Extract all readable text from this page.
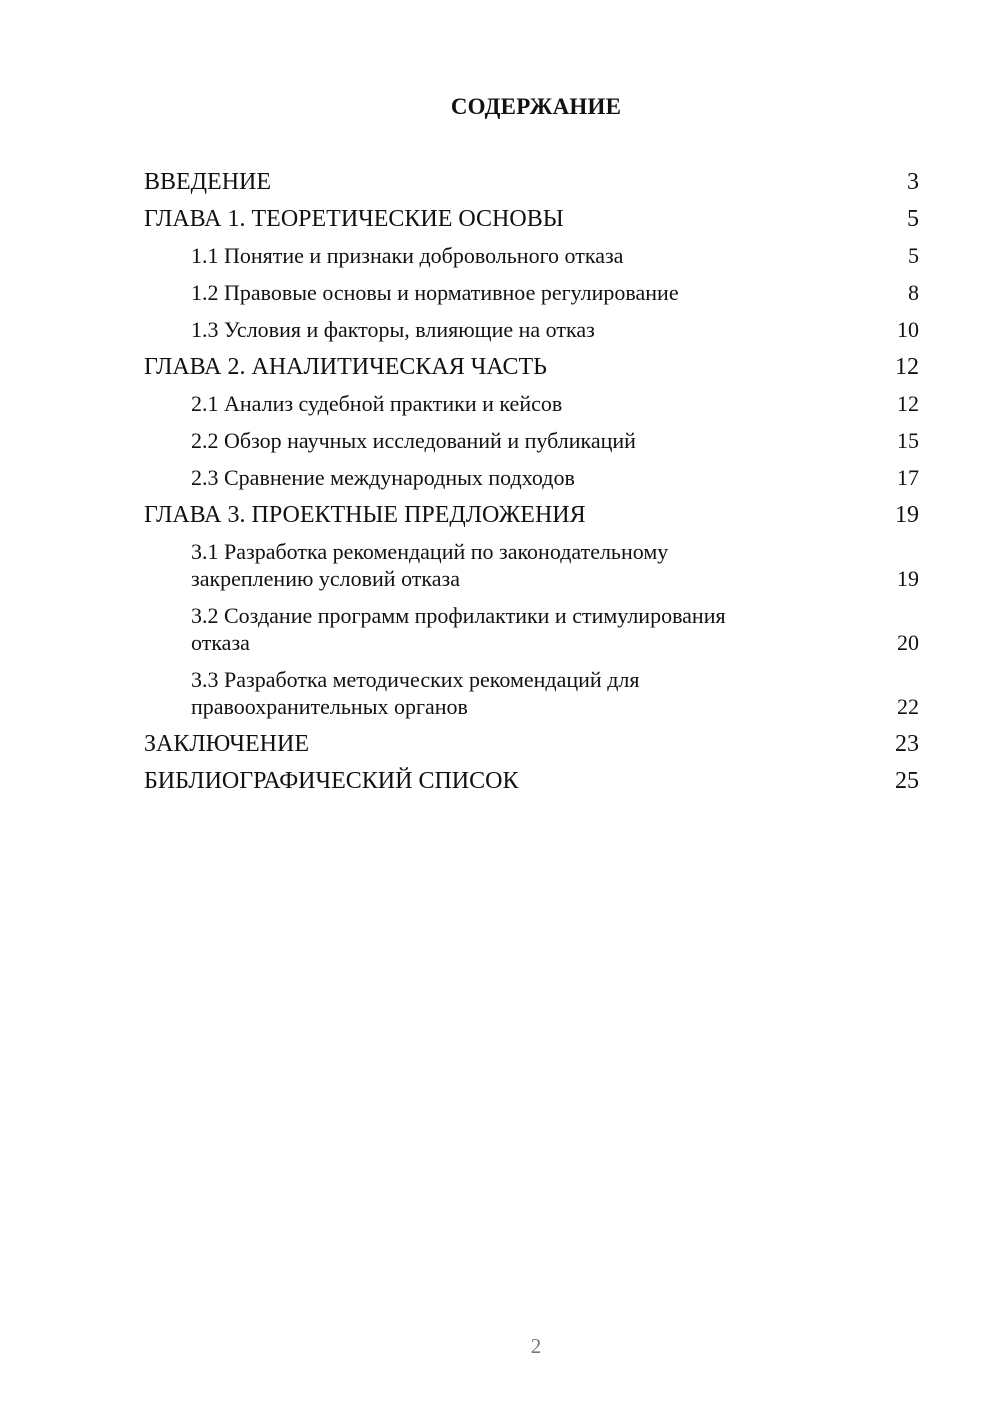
СОДЕРЖАНИЕ
ВВЕДЕНИЕ	3
ГЛАВА 1. ТЕОРЕТИЧЕСКИЕ ОСНОВЫ	5
1.1 Понятие и признаки добровольного отказа	5
1.2 Правовые основы и нормативное регулирование	8
1.3 Условия и факторы, влияющие на отказ	10
ГЛАВА 2. АНАЛИТИЧЕСКАЯ ЧАСТЬ	12
2.1 Анализ судебной практики и кейсов	12
2.2 Обзор научных исследований и публикаций	15
2.3 Сравнение международных подходов	17
ГЛАВА 3. ПРОЕКТНЫЕ ПРЕДЛОЖЕНИЯ	19
3.1 Разработка рекомендаций по законодательному
закреплению условий отказа	19
3.2 Создание программ профилактики и стимулирования
отказа	20
3.3 Разработка методических рекомендаций для
правоохранительных органов	22
ЗАКЛЮЧЕНИЕ	23
БИБЛИОГРАФИЧЕСКИЙ СПИСОК	25
2
